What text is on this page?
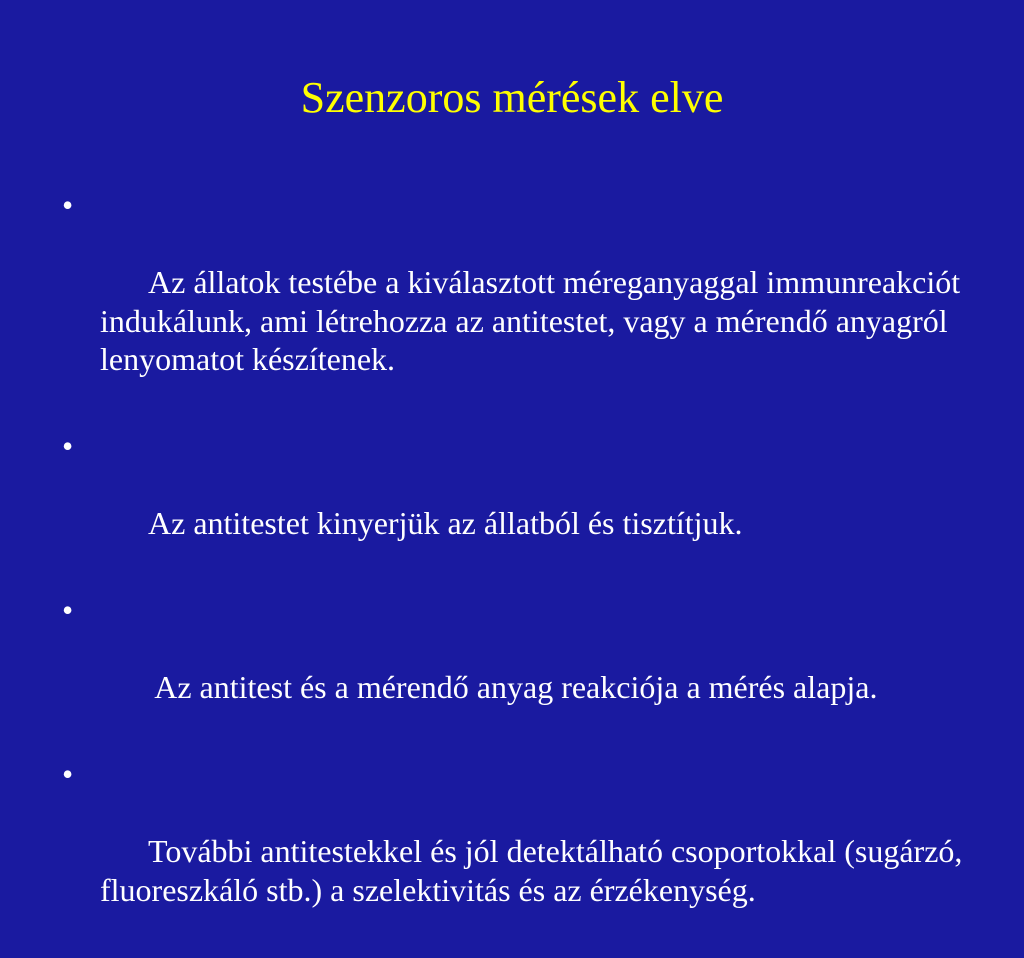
Szenzoros mérések elve

•

Az állatok testébe a kiválasztott méreganyaggal immunreakciót indukálunk, ami létrehozza az antitestet, vagy a mérendő anyagról lenyomatot készítenek.

•

Az antitestet kinyerjük az állatból és tisztítjuk.

•

Az antitest és a mérendő anyag reakciója a mérés alapja.

•

További antitestekkel és jól detektálható csoportokkal (sugárzó, fluoreszkáló stb.) a szelektivitás és az érzékenység.
